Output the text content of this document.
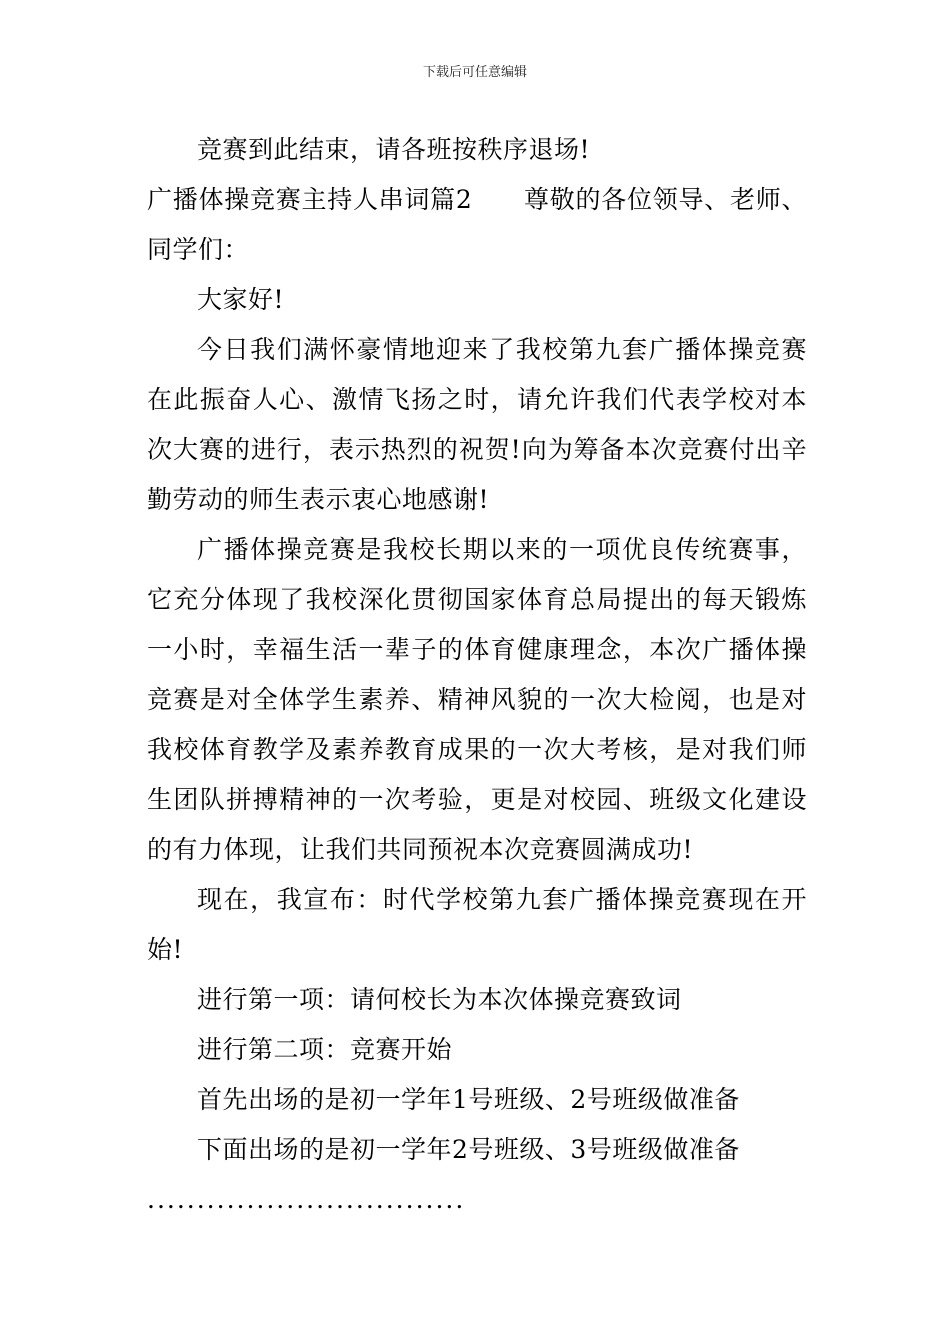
下载后可任意编辑

竞赛到此结束，请各班按秩序退场!

广播体操竞赛主持人串词篇2　　尊敬的各位领导、老师、同学们：

大家好!

今日我们满怀豪情地迎来了我校第九套广播体操竞赛在此振奋人心、激情飞扬之时，请允许我们代表学校对本次大赛的进行，表示热烈的祝贺!向为筹备本次竞赛付出辛勤劳动的师生表示衷心地感谢!

广播体操竞赛是我校长期以来的一项优良传统赛事，它充分体现了我校深化贯彻国家体育总局提出的每天锻炼一小时，幸福生活一辈子的体育健康理念，本次广播体操竞赛是对全体学生素养、精神风貌的一次大检阅，也是对我校体育教学及素养教育成果的一次大考核，是对我们师生团队拼搏精神的一次考验，更是对校园、班级文化建设的有力体现，让我们共同预祝本次竞赛圆满成功!

现在，我宣布：时代学校第九套广播体操竞赛现在开始!

进行第一项：请何校长为本次体操竞赛致词

进行第二项：竞赛开始

首先出场的是初一学年1号班级、2号班级做准备

下面出场的是初一学年2号班级、3号班级做准备

................................
